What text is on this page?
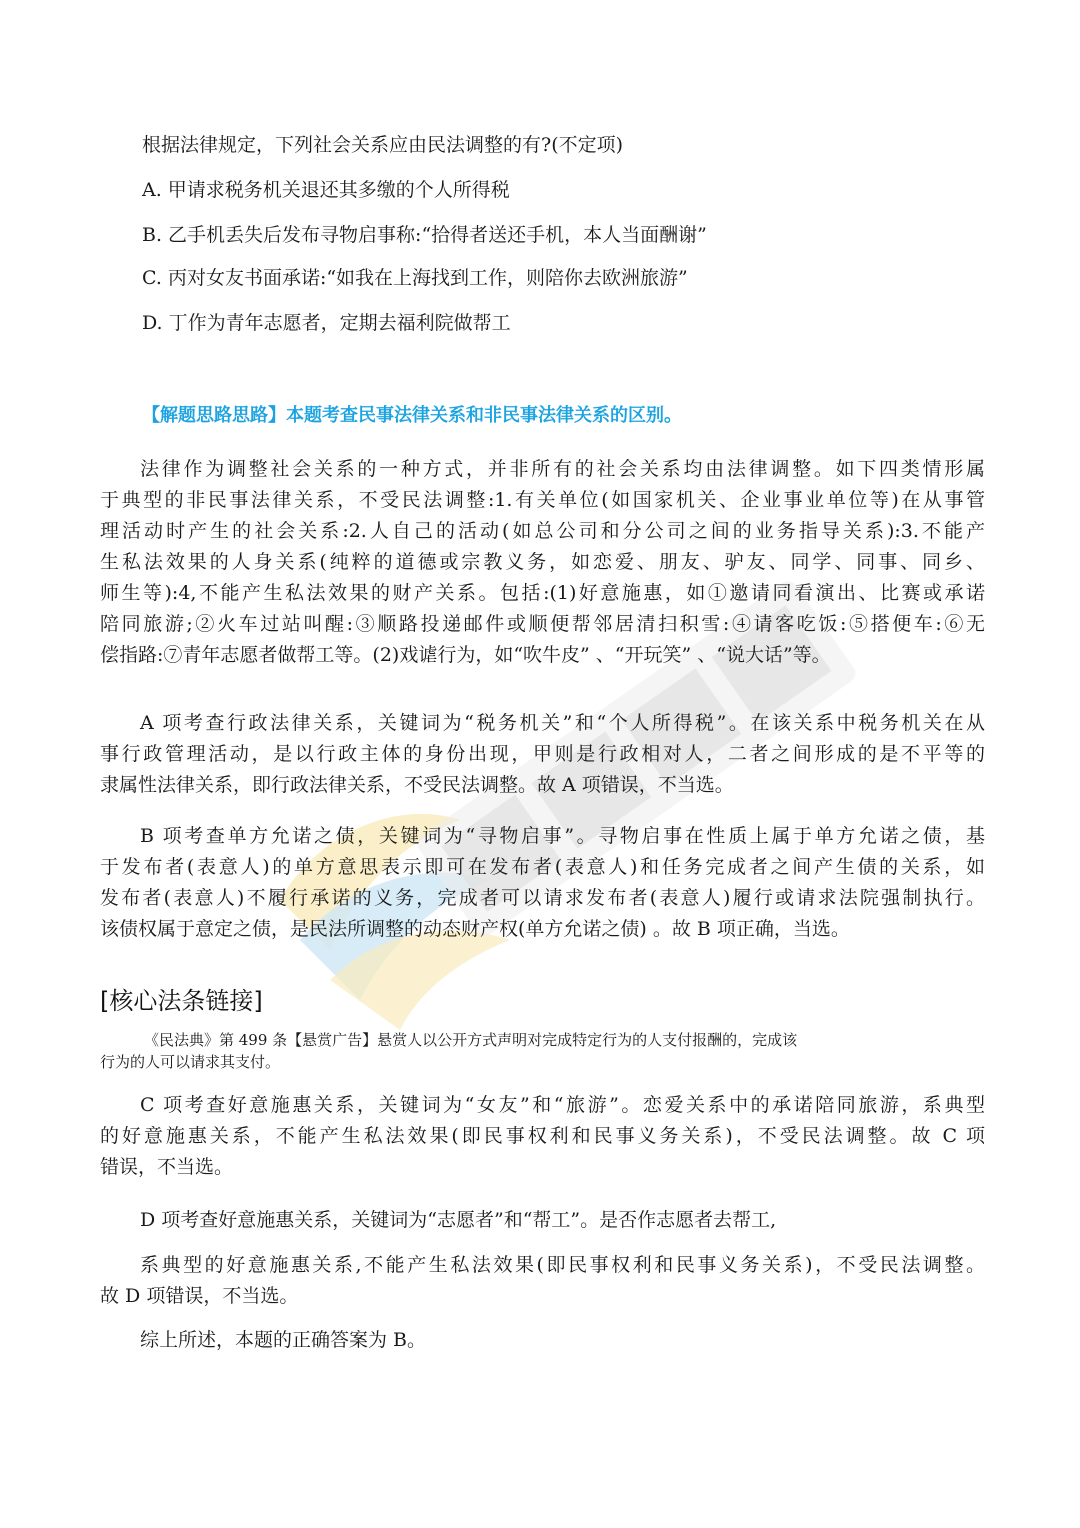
根据法律规定，下列社会关系应由民法调整的有?(不定项)
A. 甲请求税务机关退还其多缴的个人所得税
B. 乙手机丢失后发布寻物启事称:“拾得者送还手机，本人当面酬谢”
C. 丙对女友书面承诺:“如我在上海找到工作，则陪你去欧洲旅游”
D. 丁作为青年志愿者，定期去福利院做帮工
【解题思路思路】本题考查民事法律关系和非民事法律关系的区别。
法律作为调整社会关系的一种方式，并非所有的社会关系均由法律调整。如下四类情形属
于典型的非民事法律关系，不受民法调整:1.有关单位(如国家机关、企业事业单位等)在从事管
理活动时产生的社会关系:2.人自己的活动(如总公司和分公司之间的业务指导关系):3.不能产
生私法效果的人身关系(纯粹的道德或宗教义务，如恋爱、朋友、驴友、同学、同事、同乡、
师生等):4,不能产生私法效果的财产关系。包括:(1)好意施惠，如①邀请同看演出、比赛或承诺
陪同旅游;②火车过站叫醒:③顺路投递邮件或顺便帮邻居清扫积雪:④请客吃饭:⑤搭便车:⑥无
偿指路:⑦青年志愿者做帮工等。(2)戏谑行为，如“吹牛皮” 、“开玩笑” 、“说大话”等。
A 项考查行政法律关系，关键词为“税务机关”和“个人所得税”。在该关系中税务机关在从
事行政管理活动，是以行政主体的身份出现，甲则是行政相对人，二者之间形成的是不平等的
隶属性法律关系，即行政法律关系，不受民法调整。故 A 项错误，不当选。
B 项考查单方允诺之债，关键词为“寻物启事”。寻物启事在性质上属于单方允诺之债，基
于发布者(表意人)的单方意思表示即可在发布者(表意人)和任务完成者之间产生债的关系，如
发布者(表意人)不履行承诺的义务，完成者可以请求发布者(表意人)履行或请求法院强制执行。
该债权属于意定之债，是民法所调整的动态财产权(单方允诺之债) 。故 B 项正确，当选。
[核心法条链接]
《民法典》第 499 条【悬赏广告】悬赏人以公开方式声明对完成特定行为的人支付报酬的，完成该
行为的人可以请求其支付。
C 项考查好意施惠关系，关键词为“女友”和“旅游”。恋爱关系中的承诺陪同旅游，系典型
的好意施惠关系，不能产生私法效果(即民事权利和民事义务关系)，不受民法调整。故 C 项
错误，不当选。
D 项考查好意施惠关系，关键词为“志愿者”和“帮工”。是否作志愿者去帮工,
系典型的好意施惠关系,不能产生私法效果(即民事权利和民事义务关系)，不受民法调整。
故 D 项错误，不当选。
综上所述，本题的正确答案为 B。
